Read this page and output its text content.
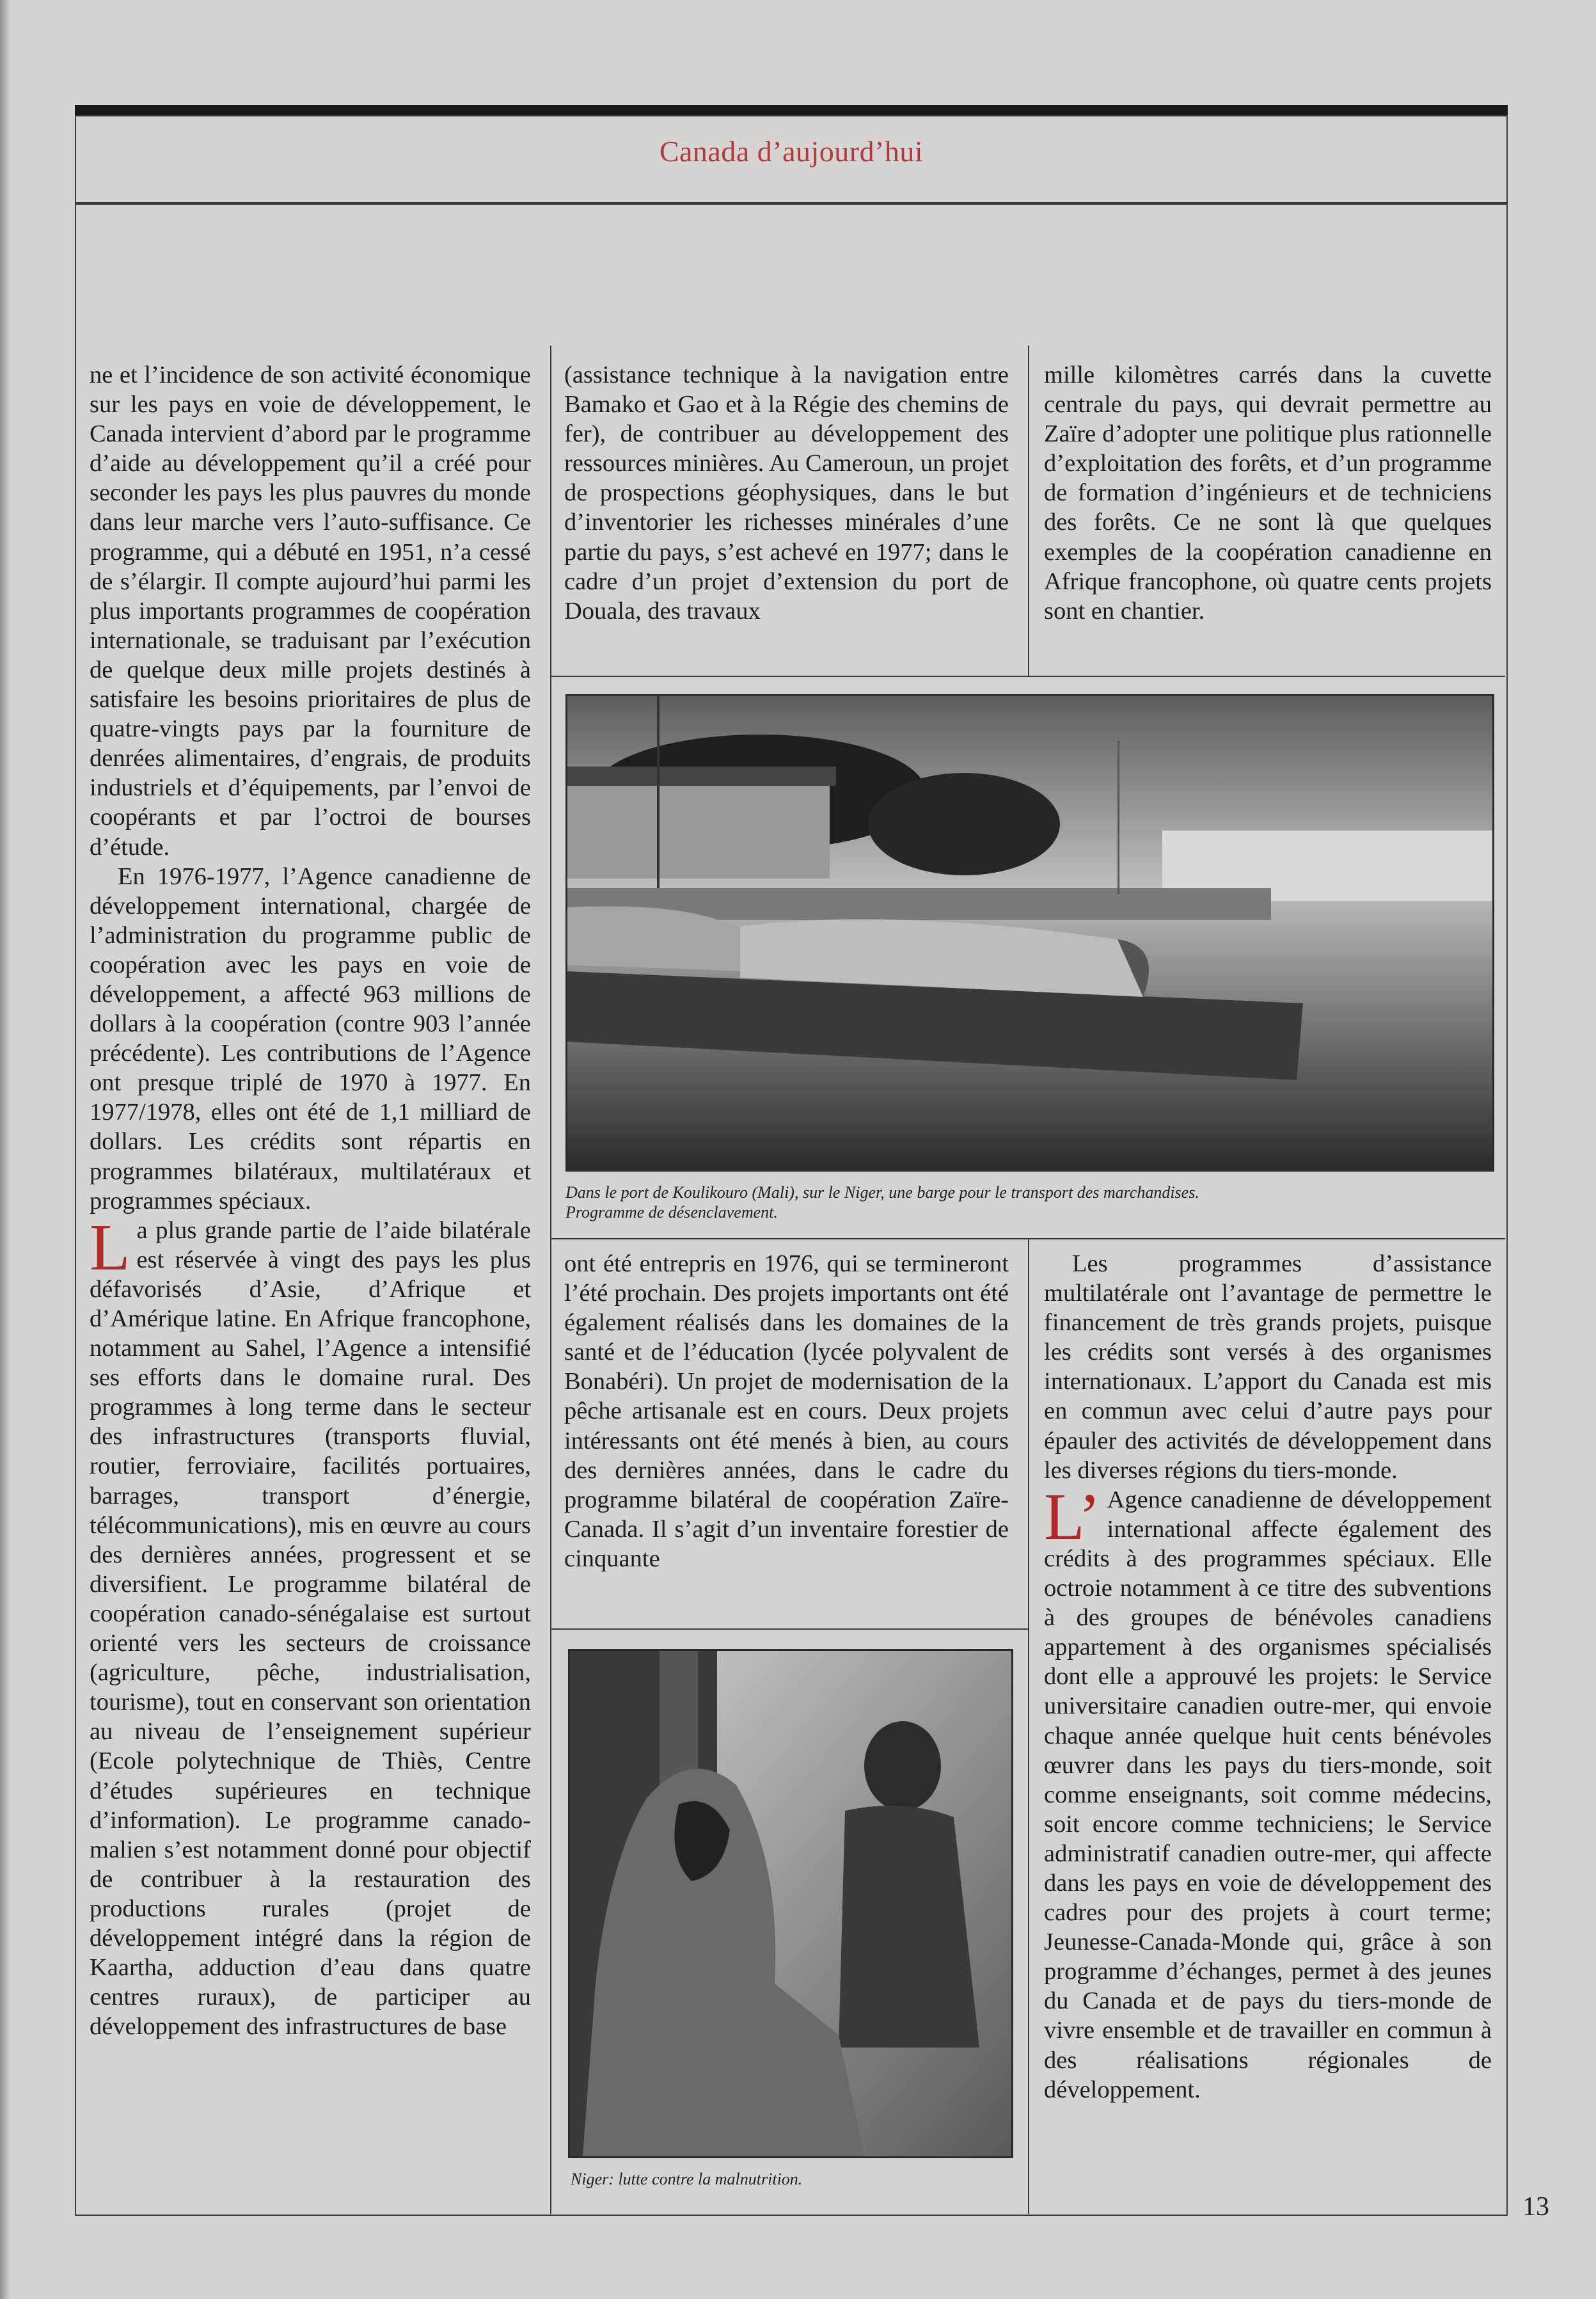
Canada d’aujourd’hui

ne et l’incidence de son activité économique sur les pays en voie de développement, le Canada intervient d’abord par le programme d’aide au développement qu’il a créé pour seconder les pays les plus pauvres du monde dans leur marche vers l’auto-suffisance. Ce programme, qui a débuté en 1951, n’a cessé de s’élargir. Il compte aujourd’hui parmi les plus importants programmes de coopération internationale, se traduisant par l’exécution de quelque deux mille projets destinés à satisfaire les besoins prioritaires de plus de quatre-vingts pays par la fourniture de denrées alimentaires, d’engrais, de produits industriels et d’équipements, par l’envoi de coopérants et par l’octroi de bourses d’étude.

En 1976-1977, l’Agence canadienne de développement international, chargée de l’administration du programme public de coopération avec les pays en voie de développement, a affecté 963 millions de dollars à la coopération (contre 903 l’année précédente). Les contributions de l’Agence ont presque triplé de 1970 à 1977. En 1977/1978, elles ont été de 1,1 milliard de dollars. Les crédits sont répartis en programmes bilatéraux, multilatéraux et programmes spéciaux.

La plus grande partie de l’aide bilatérale est réservée à vingt des pays les plus défavorisés d’Asie, d’Afrique et d’Amérique latine. En Afrique francophone, notamment au Sahel, l’Agence a intensifié ses efforts dans le domaine rural. Des programmes à long terme dans le secteur des infrastructures (transports fluvial, routier, ferroviaire, facilités portuaires, barrages, transport d’énergie, télécommunications), mis en œuvre au cours des dernières années, progressent et se diversifient. Le programme bilatéral de coopération canado-sénégalaise est surtout orienté vers les secteurs de croissance (agriculture, pêche, industrialisation, tourisme), tout en conservant son orientation au niveau de l’enseignement supérieur (Ecole polytechnique de Thiès, Centre d’études supérieures en technique d’information). Le programme canado-malien s’est notamment donné pour objectif de contribuer à la restauration des productions rurales (projet de développement intégré dans la région de Kaartha, adduction d’eau dans quatre centres ruraux), de participer au développement des infrastructures de base

(assistance technique à la navigation entre Bamako et Gao et à la Régie des chemins de fer), de contribuer au développement des ressources minières. Au Cameroun, un projet de prospections géophysiques, dans le but d’inventorier les richesses minérales d’une partie du pays, s’est achevé en 1977; dans le cadre d’un projet d’extension du port de Douala, des travaux

mille kilomètres carrés dans la cuvette centrale du pays, qui devrait permettre au Zaïre d’adopter une politique plus rationnelle d’exploitation des forêts, et d’un programme de formation d’ingénieurs et de techniciens des forêts. Ce ne sont là que quelques exemples de la coopération canadienne en Afrique francophone, où quatre cents projets sont en chantier.

Dans le port de Koulikouro (Mali), sur le Niger, une barge pour le transport des marchandises.
Programme de désenclavement.

ont été entrepris en 1976, qui se termineront l’été prochain. Des projets importants ont été également réalisés dans les domaines de la santé et de l’éducation (lycée polyvalent de Bonabéri). Un projet de modernisation de la pêche artisanale est en cours. Deux projets intéressants ont été menés à bien, au cours des dernières années, dans le cadre du programme bilatéral de coopération Zaïre-Canada. Il s’agit d’un inventaire forestier de cinquante

Niger: lutte contre la malnutrition.

Les programmes d’assistance multilatérale ont l’avantage de permettre le financement de très grands projets, puisque les crédits sont versés à des organismes internationaux. L’apport du Canada est mis en commun avec celui d’autre pays pour épauler des activités de développement dans les diverses régions du tiers-monde.

L’ Agence canadienne de développement international affecte également des crédits à des programmes spéciaux. Elle octroie notamment à ce titre des subventions à des groupes de bénévoles canadiens appartement à des organismes spécialisés dont elle a approuvé les projets: le Service universitaire canadien outre-mer, qui envoie chaque année quelque huit cents bénévoles œuvrer dans les pays du tiers-monde, soit comme enseignants, soit comme médecins, soit encore comme techniciens; le Service administratif canadien outre-mer, qui affecte dans les pays en voie de développement des cadres pour des projets à court terme; Jeunesse-Canada-Monde qui, grâce à son programme d’échanges, permet à des jeunes du Canada et de pays du tiers-monde de vivre ensemble et de travailler en commun à des réalisations régionales de développement.

13
